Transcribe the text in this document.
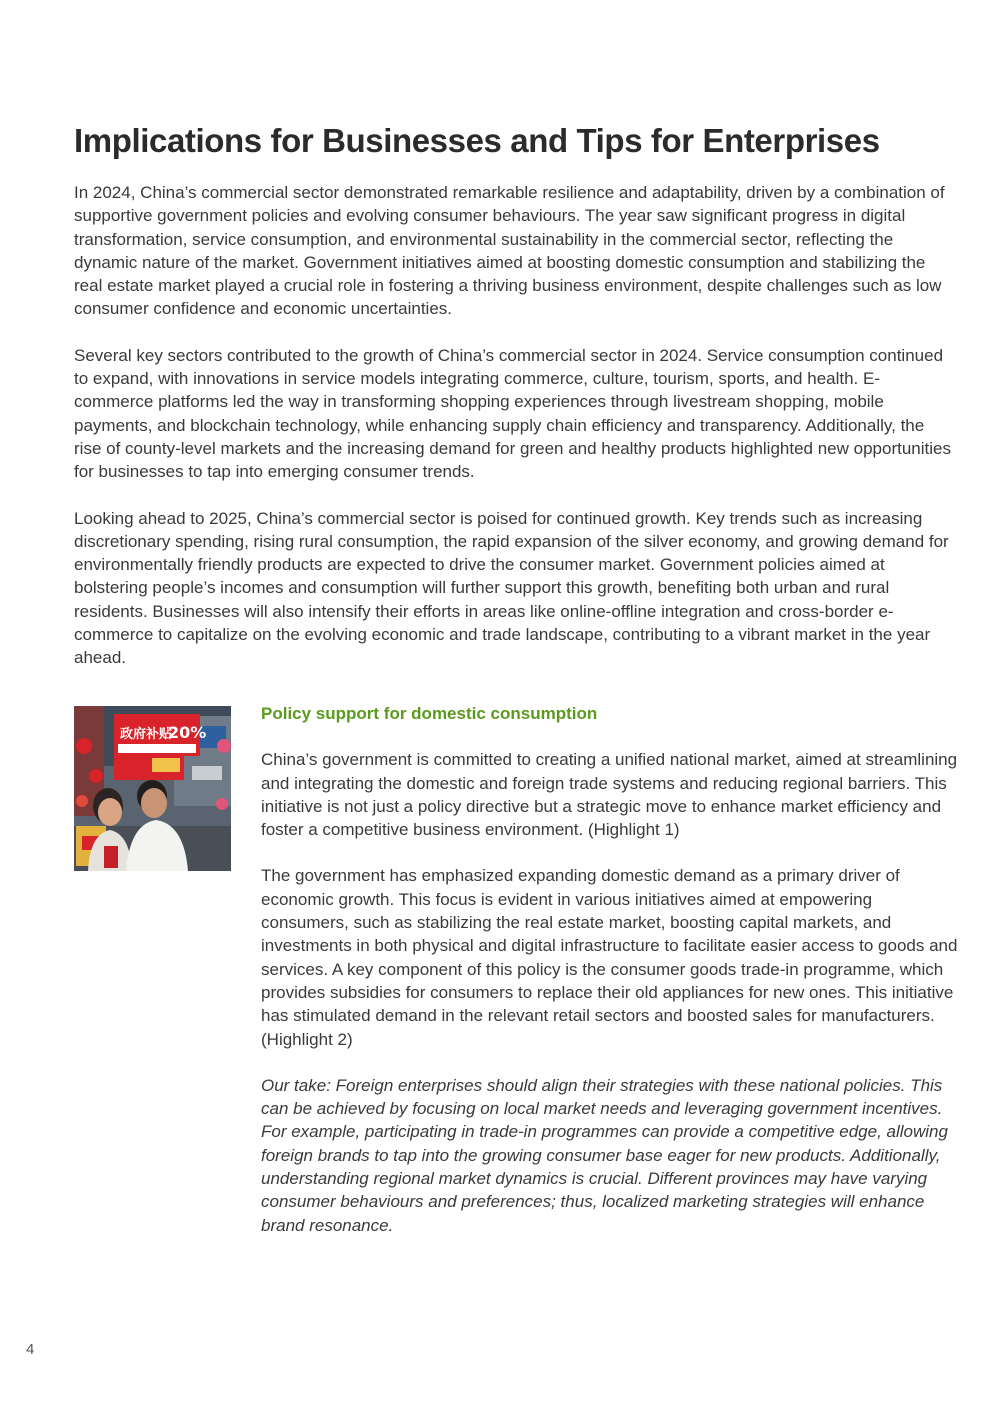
Implications for Businesses and Tips for Enterprises

In 2024, China’s commercial sector demonstrated remarkable resilience and adaptability, driven by a combination of supportive government policies and evolving consumer behaviours. The year saw significant progress in digital transformation, service consumption, and environmental sustainability in the commercial sector, reflecting the dynamic nature of the market. Government initiatives aimed at boosting domestic consumption and stabilizing the real estate market played a crucial role in fostering a thriving business environment, despite challenges such as low consumer confidence and economic uncertainties.

Several key sectors contributed to the growth of China’s commercial sector in 2024. Service consumption continued to expand, with innovations in service models integrating commerce, culture, tourism, sports, and health. E-commerce platforms led the way in transforming shopping experiences through livestream shopping, mobile payments, and blockchain technology, while enhancing supply chain efficiency and transparency. Additionally, the rise of county-level markets and the increasing demand for green and healthy products highlighted new opportunities for businesses to tap into emerging consumer trends.

Looking ahead to 2025, China’s commercial sector is poised for continued growth. Key trends such as increasing discretionary spending, rising rural consumption, the rapid expansion of the silver economy, and growing demand for environmentally friendly products are expected to drive the consumer market. Government policies aimed at bolstering people’s incomes and consumption will further support this growth, benefiting both urban and rural residents. Businesses will also intensify their efforts in areas like online-offline integration and cross-border e-commerce to capitalize on the evolving economic and trade landscape, contributing to a vibrant market in the year ahead.

政府补贴
20%
Policy support for domestic consumption

China’s government is committed to creating a unified national market, aimed at streamlining and integrating the domestic and foreign trade systems and reducing regional barriers. This initiative is not just a policy directive but a strategic move to enhance market efficiency and foster a competitive business environment. (Highlight 1)

The government has emphasized expanding domestic demand as a primary driver of economic growth. This focus is evident in various initiatives aimed at empowering consumers, such as stabilizing the real estate market, boosting capital markets, and investments in both physical and digital infrastructure to facilitate easier access to goods and services. A key component of this policy is the consumer goods trade-in programme, which provides subsidies for consumers to replace their old appliances for new ones. This initiative has stimulated demand in the relevant retail sectors and boosted sales for manufacturers. (Highlight 2)

Our take: Foreign enterprises should align their strategies with these national policies. This can be achieved by focusing on local market needs and leveraging government incentives. For example, participating in trade-in programmes can provide a competitive edge, allowing foreign brands to tap into the growing consumer base eager for new products. Additionally, understanding regional market dynamics is crucial. Different provinces may have varying consumer behaviours and preferences; thus, localized marketing strategies will enhance brand resonance.

4
